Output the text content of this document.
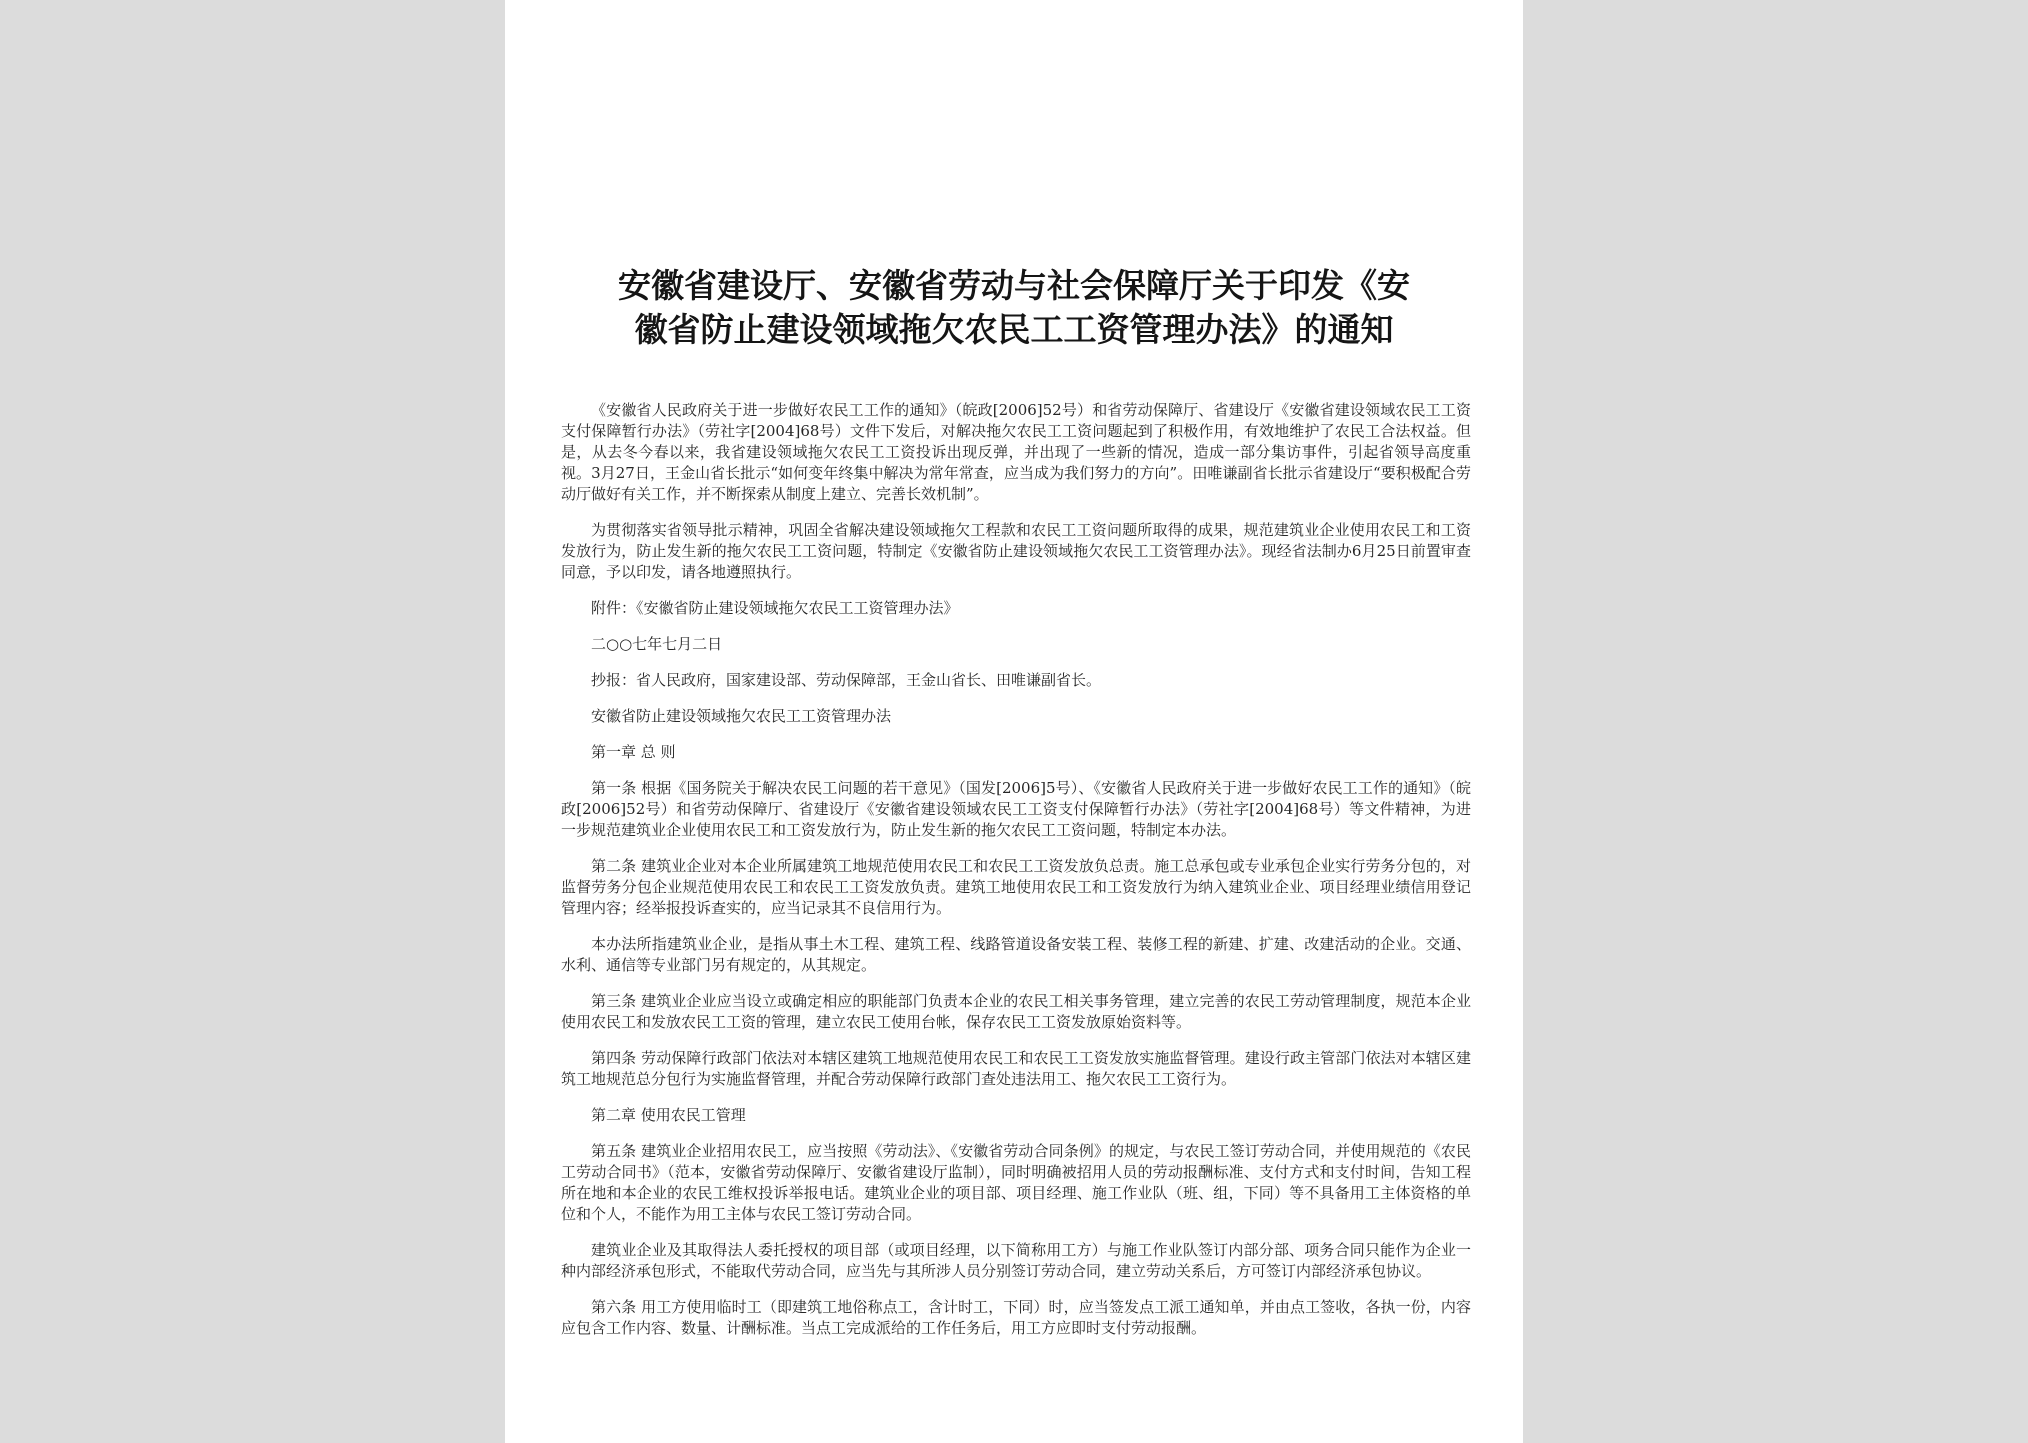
安徽省建设厅、安徽省劳动与社会保障厅关于印发《安
徽省防止建设领域拖欠农民工工资管理办法》的通知

《安徽省人民政府关于进一步做好农民工工作的通知》（皖政[2006]52号）和省劳动保障厅、省建设厅《安徽省建设领域农民工工资支付保障暂行办法》（劳社字[2004]68号）文件下发后，对解决拖欠农民工工资问题起到了积极作用，有效地维护了农民工合法权益。但是，从去冬今春以来，我省建设领域拖欠农民工工资投诉出现反弹，并出现了一些新的情况，造成一部分集访事件，引起省领导高度重视。3月27日，王金山省长批示“如何变年终集中解决为常年常查，应当成为我们努力的方向”。田唯谦副省长批示省建设厅“要积极配合劳动厅做好有关工作，并不断探索从制度上建立、完善长效机制”。

为贯彻落实省领导批示精神，巩固全省解决建设领域拖欠工程款和农民工工资问题所取得的成果，规范建筑业企业使用农民工和工资发放行为，防止发生新的拖欠农民工工资问题，特制定《安徽省防止建设领域拖欠农民工工资管理办法》。现经省法制办6月25日前置审查同意，予以印发，请各地遵照执行。

附件：《安徽省防止建设领域拖欠农民工工资管理办法》

二○○七年七月二日

抄报：省人民政府，国家建设部、劳动保障部，王金山省长、田唯谦副省长。

安徽省防止建设领域拖欠农民工工资管理办法

第一章 总 则

第一条 根据《国务院关于解决农民工问题的若干意见》（国发[2006]5号）、《安徽省人民政府关于进一步做好农民工工作的通知》（皖政[2006]52号）和省劳动保障厅、省建设厅《安徽省建设领域农民工工资支付保障暂行办法》（劳社字[2004]68号）等文件精神，为进一步规范建筑业企业使用农民工和工资发放行为，防止发生新的拖欠农民工工资问题，特制定本办法。

第二条 建筑业企业对本企业所属建筑工地规范使用农民工和农民工工资发放负总责。施工总承包或专业承包企业实行劳务分包的，对监督劳务分包企业规范使用农民工和农民工工资发放负责。建筑工地使用农民工和工资发放行为纳入建筑业企业、项目经理业绩信用登记管理内容；经举报投诉查实的，应当记录其不良信用行为。

本办法所指建筑业企业，是指从事土木工程、建筑工程、线路管道设备安装工程、装修工程的新建、扩建、改建活动的企业。交通、水利、通信等专业部门另有规定的，从其规定。

第三条 建筑业企业应当设立或确定相应的职能部门负责本企业的农民工相关事务管理，建立完善的农民工劳动管理制度，规范本企业使用农民工和发放农民工工资的管理，建立农民工使用台帐，保存农民工工资发放原始资料等。

第四条 劳动保障行政部门依法对本辖区建筑工地规范使用农民工和农民工工资发放实施监督管理。建设行政主管部门依法对本辖区建筑工地规范总分包行为实施监督管理，并配合劳动保障行政部门查处违法用工、拖欠农民工工资行为。

第二章 使用农民工管理

第五条 建筑业企业招用农民工，应当按照《劳动法》、《安徽省劳动合同条例》的规定，与农民工签订劳动合同，并使用规范的《农民工劳动合同书》（范本，安徽省劳动保障厅、安徽省建设厅监制），同时明确被招用人员的劳动报酬标准、支付方式和支付时间，告知工程所在地和本企业的农民工维权投诉举报电话。建筑业企业的项目部、项目经理、施工作业队（班、组，下同）等不具备用工主体资格的单位和个人，不能作为用工主体与农民工签订劳动合同。

建筑业企业及其取得法人委托授权的项目部（或项目经理，以下简称用工方）与施工作业队签订内部分部、项务合同只能作为企业一种内部经济承包形式，不能取代劳动合同，应当先与其所涉人员分别签订劳动合同，建立劳动关系后，方可签订内部经济承包协议。

第六条 用工方使用临时工（即建筑工地俗称点工，含计时工，下同）时，应当签发点工派工通知单，并由点工签收，各执一份，内容应包含工作内容、数量、计酬标准。当点工完成派给的工作任务后，用工方应即时支付劳动报酬。
